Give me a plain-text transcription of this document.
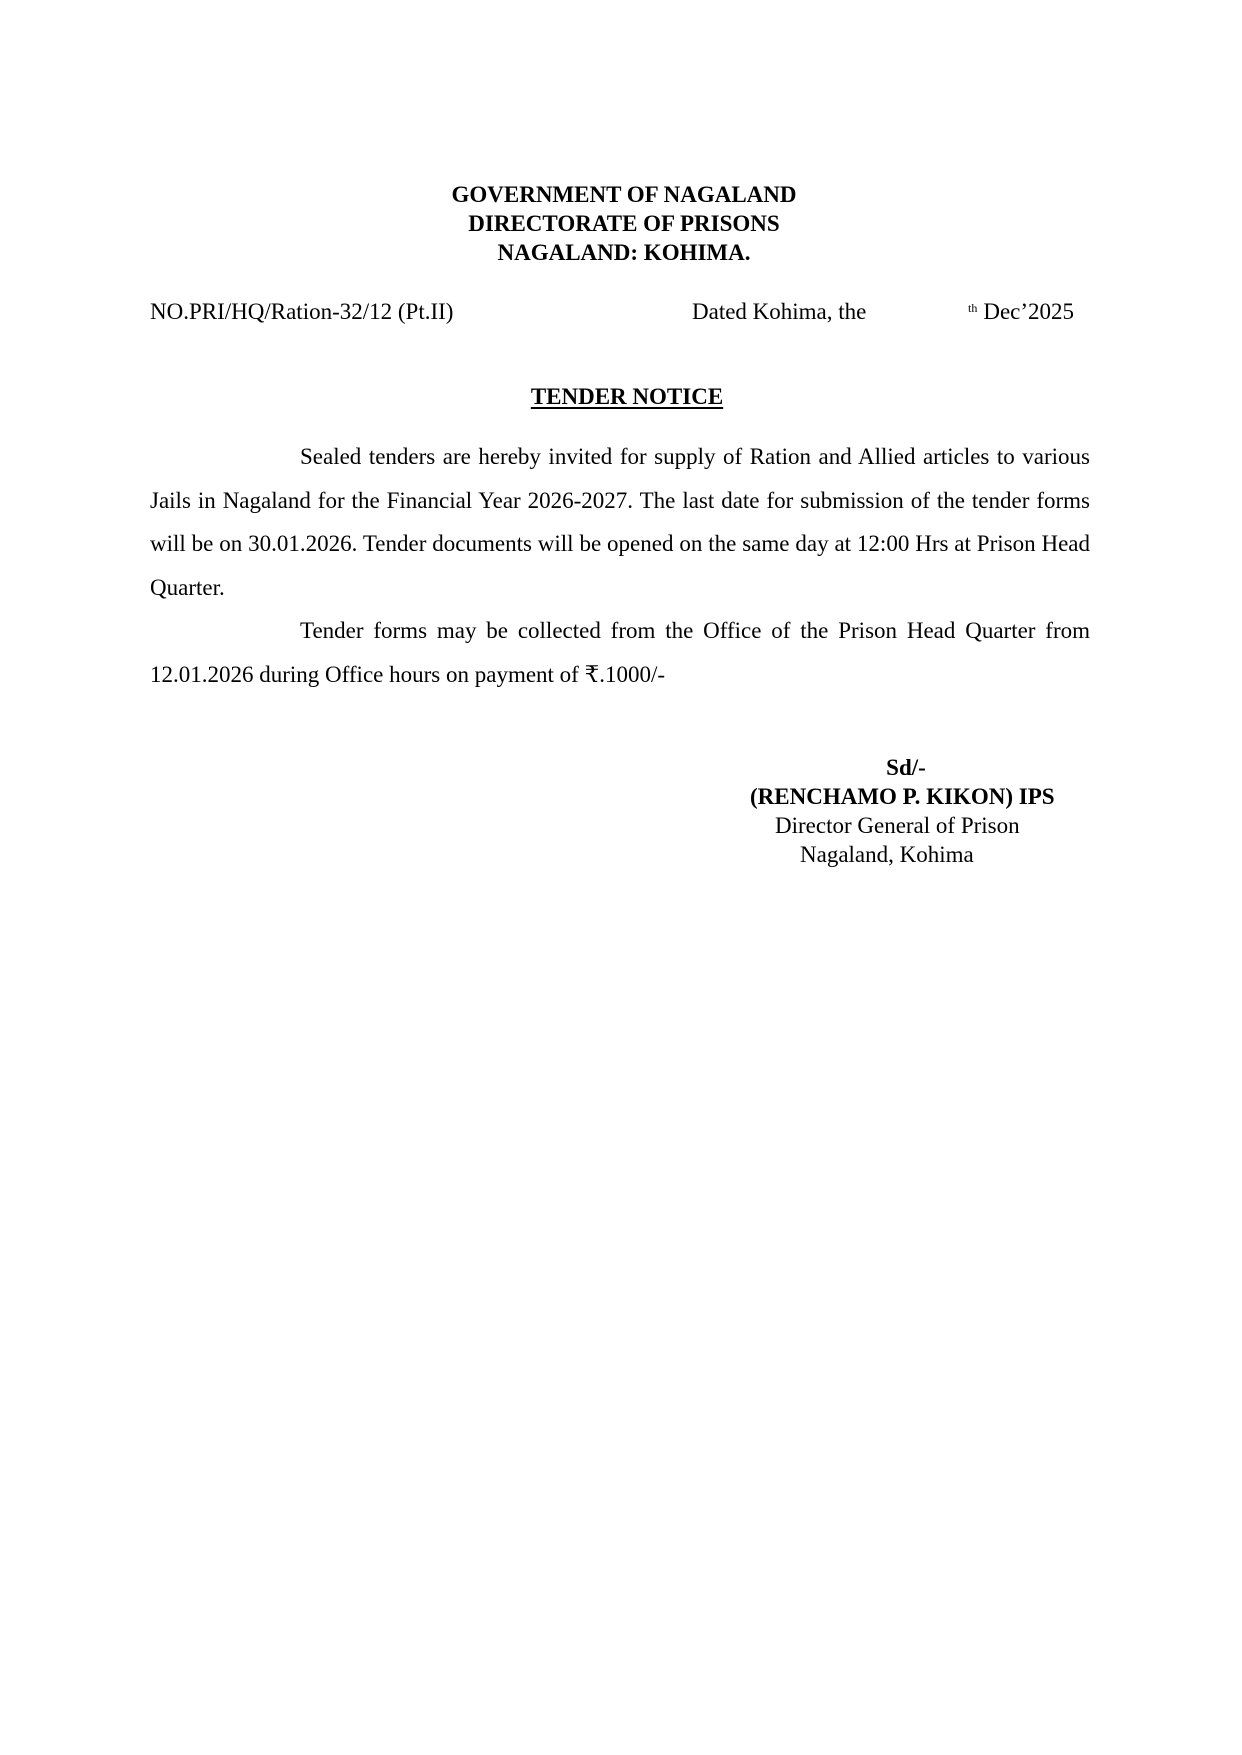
GOVERNMENT OF NAGALAND
DIRECTORATE OF PRISONS
NAGALAND: KOHIMA.
NO.PRI/HQ/Ration-32/12 (Pt.II)	Dated Kohima, the	$^{th}$ Dec’2025
TENDER NOTICE

Sealed tenders are hereby invited for supply of Ration and Allied articles to various Jails in Nagaland for the Financial Year 2026-2027. The last date for submission of the tender forms will be on 30.01.2026. Tender documents will be opened on the same day at 12:00 Hrs at Prison Head Quarter.

Tender forms may be collected from the Office of the Prison Head Quarter from 12.01.2026 during Office hours on payment of ₹.1000/-

Sd/-
(RENCHAMO P. KIKON) IPS
Director General of Prison
Nagaland, Kohima
